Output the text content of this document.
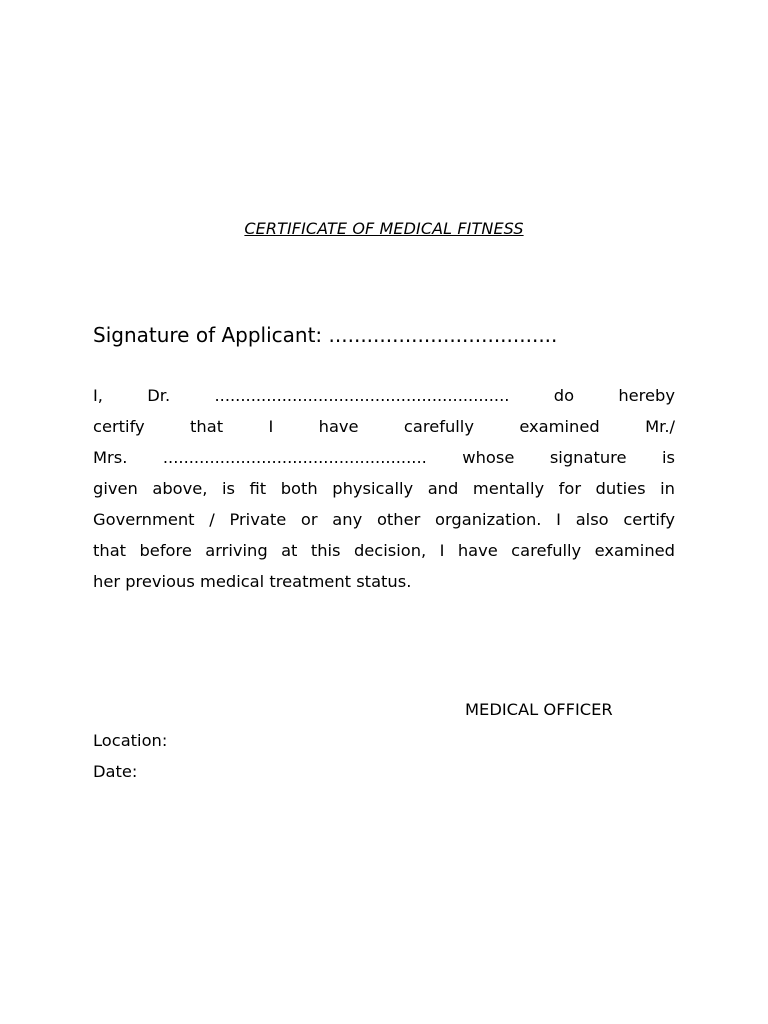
CERTIFICATE OF MEDICAL FITNESS
Signature of Applicant: ....................................
I, Dr. ......................................................... do hereby
certify that I have carefully examined Mr./
Mrs. ................................................... whose signature is
given above, is fit both physically and mentally for duties in
Government / Private or any other organization. I also certify
that before arriving at this decision, I have carefully examined
her previous medical treatment status.
MEDICAL OFFICER
Location:
Date:
